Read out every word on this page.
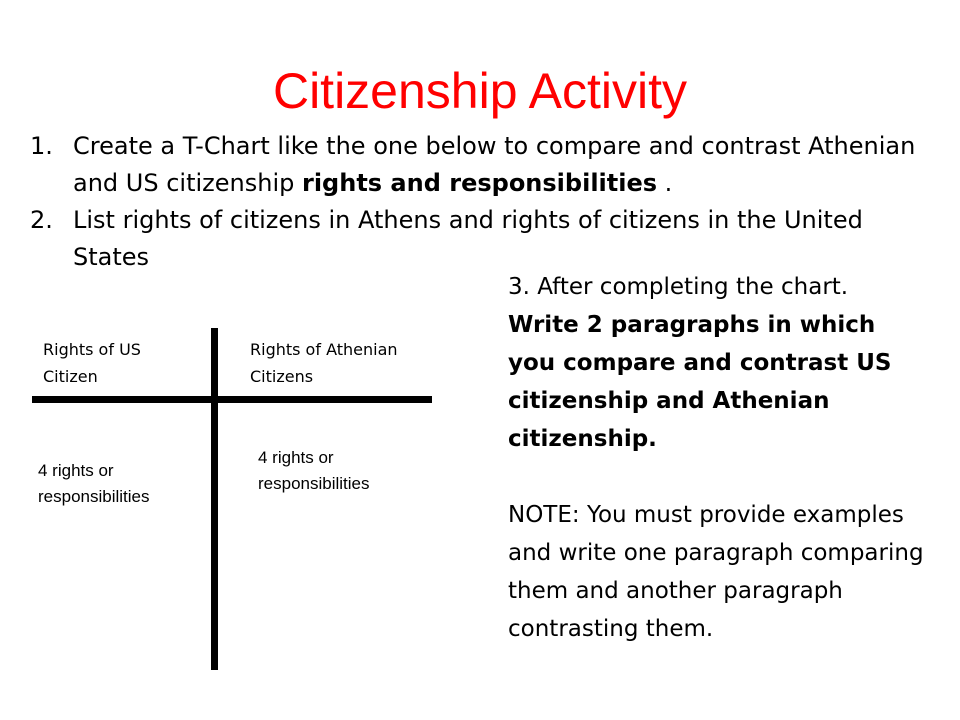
Citizenship Activity
1. Create a T-Chart like the one below to compare and contrast Athenian and US citizenship rights and responsibilities .
2. List rights of citizens in Athens and rights of citizens in the United States
Rights of US
Citizen
Rights of Athenian
Citizens
4 rights or
responsibilities
4 rights or
responsibilities

3. After completing the chart.

Write 2 paragraphs in which you compare and contrast US citizenship and Athenian citizenship.

NOTE: You must provide examples and write one paragraph comparing them and another paragraph contrasting them.
